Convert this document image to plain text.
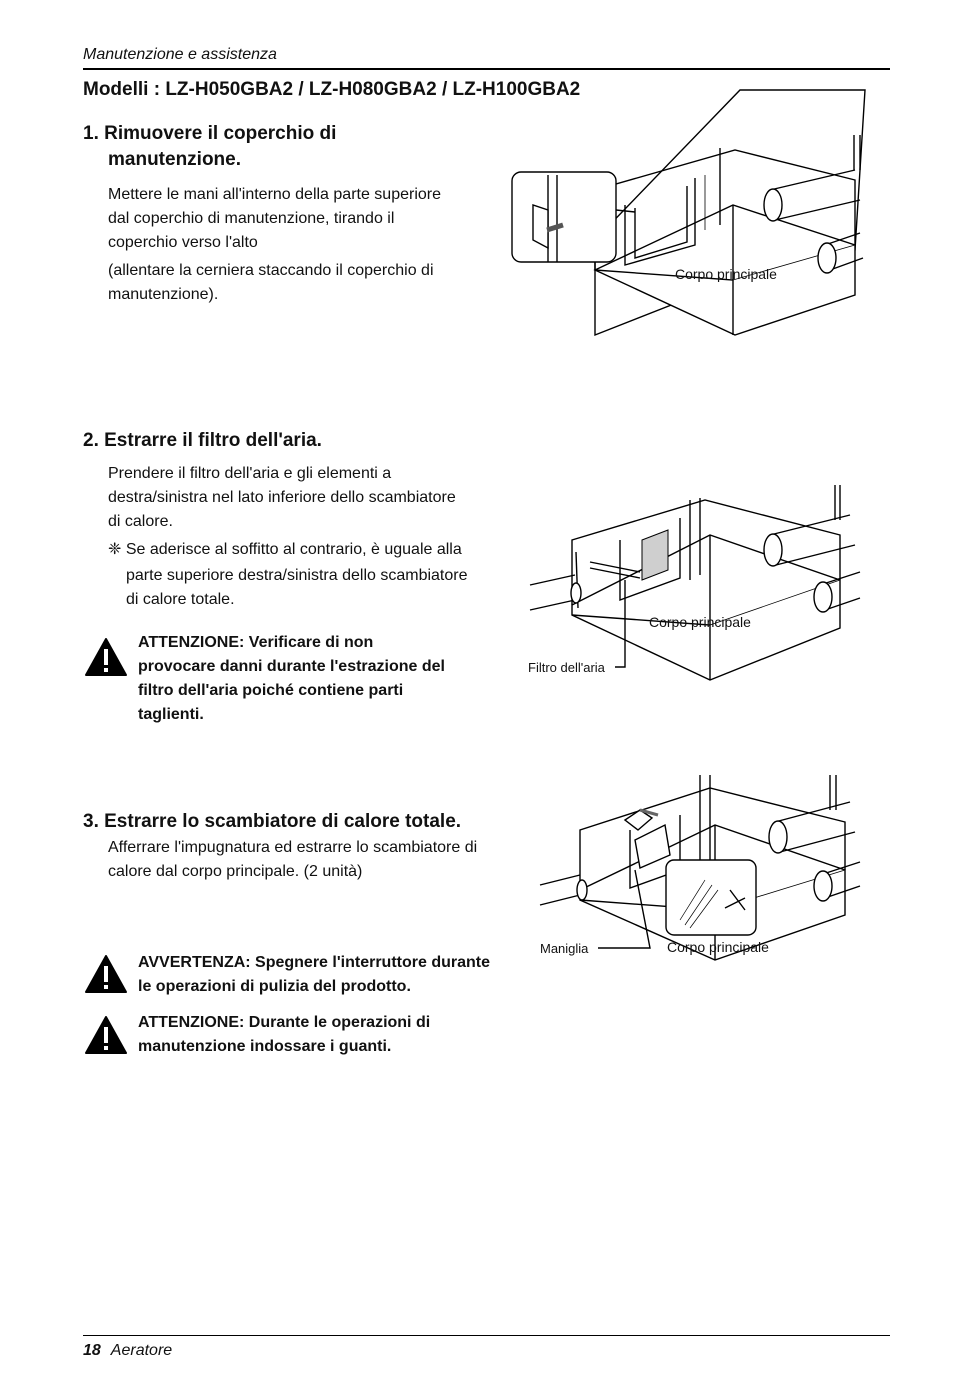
Manutenzione e assistenza
Modelli : LZ-H050GBA2 / LZ-H080GBA2 / LZ-H100GBA2
1. Rimuovere il coperchio di
manutenzione.
Mettere le mani all'interno della parte superiore
dal coperchio di manutenzione, tirando il
coperchio verso l'alto
(allentare la cerniera staccando il coperchio di
manutenzione).
Corpo principale
2. Estrarre il filtro dell'aria.
Prendere il filtro dell'aria e gli elementi a
destra/sinistra nel lato inferiore dello scambiatore
di calore.
❈ Se aderisce al soffitto al contrario, è uguale alla
parte superiore destra/sinistra dello scambiatore
di calore totale.
ATTENZIONE: Verificare di non
provocare danni durante l'estrazione del
filtro dell'aria poiché contiene parti
taglienti.
Corpo principale
Filtro dell'aria
3. Estrarre lo scambiatore di calore totale.
Afferrare l'impugnatura ed estrarre lo scambiatore di
calore dal corpo principale. (2 unità)
AVVERTENZA: Spegnere l'interruttore durante
le operazioni di pulizia del prodotto.
ATTENZIONE: Durante le operazioni di
manutenzione indossare i guanti.
Maniglia	Corpo principale
18 Aeratore
